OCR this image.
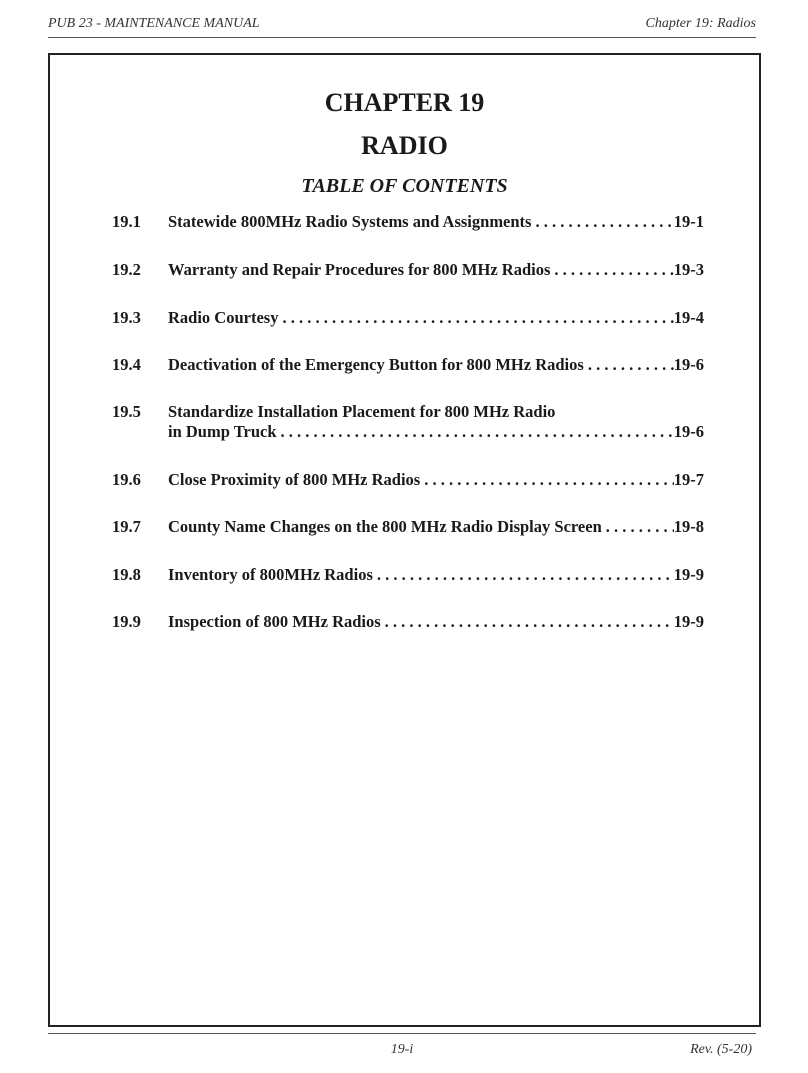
PUB 23 - MAINTENANCE MANUAL	Chapter 19: Radios
CHAPTER 19
RADIO
TABLE OF CONTENTS
19.1	Statewide 800MHz Radio Systems and Assignments . . .	19-1
19.2	Warranty and Repair Procedures for 800 MHz Radios . . .	19-3
19.3	Radio Courtesy . . .	19-4
19.4	Deactivation of the Emergency Button for 800 MHz Radios . . .	19-6
19.5	Standardize Installation Placement for 800 MHz Radio
in Dump Truck . . .	19-6
19.6	Close Proximity of 800 MHz Radios . . .	19-7
19.7	County Name Changes on the 800 MHz Radio Display Screen . . .	19-8
19.8	Inventory of 800MHz Radios . . .	19-9
19.9	Inspection of 800 MHz Radios . . .	19-9
19-i	Rev. (5-20)
